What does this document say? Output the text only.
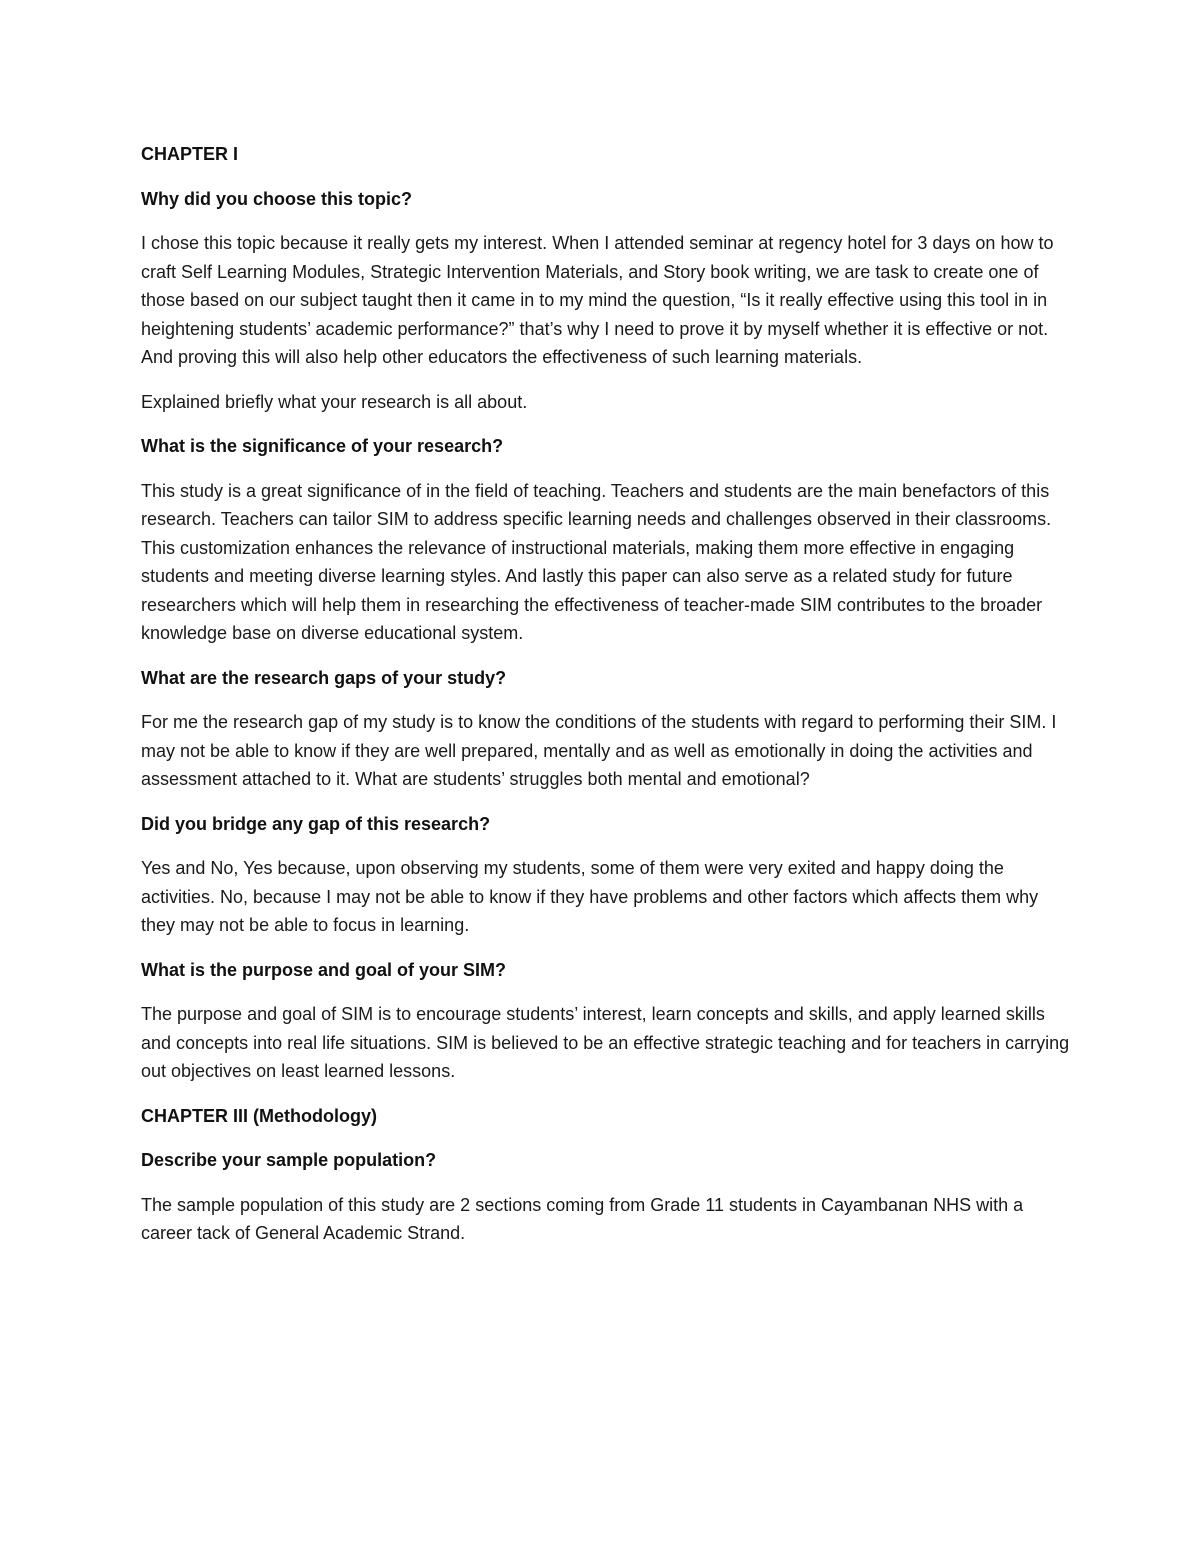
CHAPTER I
Why did you choose this topic?
I chose this topic because it really gets my interest. When I attended seminar at regency hotel for 3 days on how to craft Self Learning Modules, Strategic Intervention Materials, and Story book writing, we are task to create one of those based on our subject taught then it came in to my mind the question, “Is it really effective using this tool in in heightening students’ academic performance?” that’s why I need to prove it by myself whether it is effective or not. And proving this will also help other educators the effectiveness of such learning materials.
Explained briefly what your research is all about.
What is the significance of your research?
This study is a great significance of in the field of teaching. Teachers and students are the main benefactors of this research. Teachers can tailor SIM to address specific learning needs and challenges observed in their classrooms. This customization enhances the relevance of instructional materials, making them more effective in engaging students and meeting diverse learning styles. And lastly this paper can also serve as a related study for future researchers which will help them in researching the effectiveness of teacher-made SIM contributes to the broader knowledge base on diverse educational system.
What are the research gaps of your study?
For me the research gap of my study is to know the conditions of the students with regard to performing their SIM. I may not be able to know if they are well prepared, mentally and as well as emotionally in doing the activities and assessment attached to it. What are students’ struggles both mental and emotional?
Did you bridge any gap of this research?
Yes and No, Yes because, upon observing my students, some of them were very exited and happy doing the activities. No, because I may not be able to know if they have problems and other factors which affects them why they may not be able to focus in learning.
What is the purpose and goal of your SIM?
The purpose and goal of SIM is to encourage students’ interest, learn concepts and skills, and apply learned skills and concepts into real life situations. SIM is believed to be an effective strategic teaching and for teachers in carrying out objectives on least learned lessons.
CHAPTER III (Methodology)
Describe your sample population?
The sample population of this study are 2 sections coming from Grade 11 students in Cayambanan NHS with a career tack of General Academic Strand.
